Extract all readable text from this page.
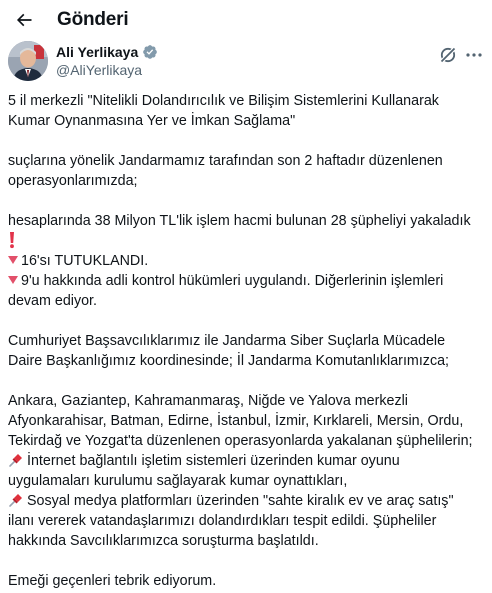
Gönderi
Ali Yerlikaya
@AliYerlikaya
5 il merkezli "Nitelikli Dolandırıcılık ve Bilişim Sistemlerini Kullanarak
Kumar Oynanmasına Yer ve İmkan Sağlama"
suçlarına yönelik Jandarmamız tarafından son 2 haftadır düzenlenen
operasyonlarımızda;
hesaplarında 38 Milyon TL'lik işlem hacmi bulunan 28 şüpheliyi yakaladık
16'sı TUTUKLANDI.
9'u hakkında adli kontrol hükümleri uygulandı. Diğerlerinin işlemleri
devam ediyor.
Cumhuriyet Başsavcılıklarımız ile Jandarma Siber Suçlarla Mücadele
Daire Başkanlığımız koordinesinde; İl Jandarma Komutanlıklarımızca;
Ankara, Gaziantep, Kahramanmaraş, Niğde ve Yalova merkezli
Afyonkarahisar, Batman, Edirne, İstanbul, İzmir, Kırklareli, Mersin, Ordu,
Tekirdağ ve Yozgat'ta düzenlenen operasyonlarda yakalanan şüphelilerin;
İnternet bağlantılı işletim sistemleri üzerinden kumar oyunu
uygulamaları kurulumu sağlayarak kumar oynattıkları,
Sosyal medya platformları üzerinden "sahte kiralık ev ve araç satış"
ilanı vererek vatandaşlarımızı dolandırdıkları tespit edildi. Şüpheliler
hakkında Savcılıklarımızca soruşturma başlatıldı.
Emeği geçenleri tebrik ediyorum.
